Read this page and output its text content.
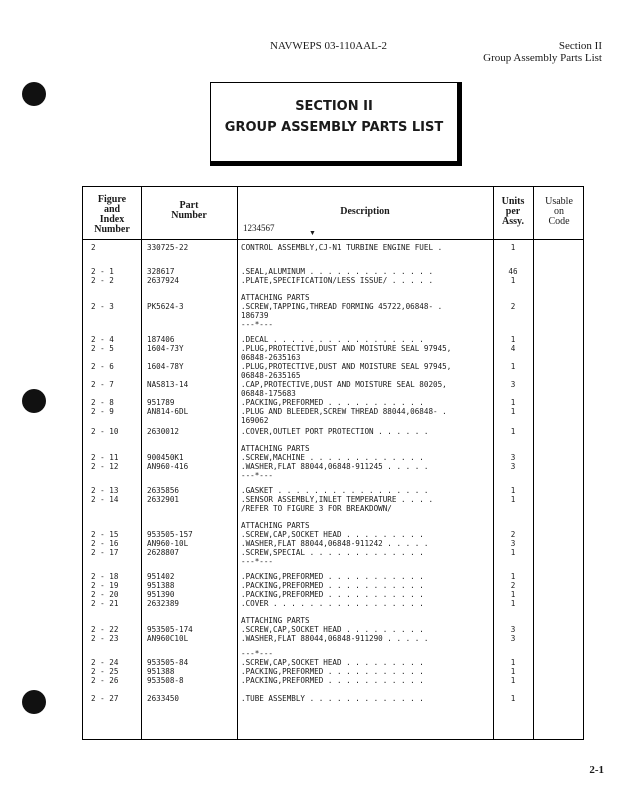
NAVWEPS 03-110AAL-2	Section II
Group Assembly Parts List
SECTION II
GROUP ASSEMBLY PARTS LIST
Figure
and
Index
Number
Part
Number	Description
1234567
▼
Units
per
Assy.
Usable
on
Code
2	330725-22	CONTROL ASSEMBLY,CJ-N1 TURBINE ENGINE FUEL .	1
2 - 1	328617	.SEAL,ALUMINUM . . . . . . . . . . . . . .	46
2 - 2	2637924	.PLATE,SPECIFICATION/LESS ISSUE/ . . . . .	1
ATTACHING PARTS
2 - 3	PK5624-3	.SCREW,TAPPING,THREAD FORMING 45722,06848- .	2
186739
---*---
2 - 4	187406	.DECAL . . . . . . . . . . . . . . . . .	1
2 - 5	1604-73Y	.PLUG,PROTECTIVE,DUST AND MOISTURE SEAL 97945,	4
06848-2635163
2 - 6	1604-78Y	.PLUG,PROTECTIVE,DUST AND MOISTURE SEAL 97945,	1
06848-2635165
2 - 7	NAS813-14	.CAP,PROTECTIVE,DUST AND MOISTURE SEAL 80205,	3
06848-175683
2 - 8	951789	.PACKING,PREFORMED . . . . . . . . . . .	1
2 - 9	AN814-6DL	.PLUG AND BLEEDER,SCREW THREAD 88044,06848- .	1
169062
2 - 10	2630012	.COVER,OUTLET PORT PROTECTION . . . . . .	1
ATTACHING PARTS
2 - 11	900450K1	.SCREW,MACHINE . . . . . . . . . . . . .	3
2 - 12	AN960-416	.WASHER,FLAT 88044,06848-911245 . . . . .	3
---*---
2 - 13	2635856	.GASKET . . . . . . . . . . . . . . . . .	1
2 - 14	2632901	.SENSOR ASSEMBLY,INLET TEMPERATURE . . . .	1
/REFER TO FIGURE 3 FOR BREAKDOWN/
ATTACHING PARTS
2 - 15	953505-157	.SCREW,CAP,SOCKET HEAD . . . . . . . . .	2
2 - 16	AN960-10L	.WASHER,FLAT 88044,06848-911242 . . . . .	3
2 - 17	2628807	.SCREW,SPECIAL . . . . . . . . . . . . .	1
---*---
2 - 18	951402	.PACKING,PREFORMED . . . . . . . . . . .	1
2 - 19	951388	.PACKING,PREFORMED . . . . . . . . . . .	2
2 - 20	951390	.PACKING,PREFORMED . . . . . . . . . . .	1
2 - 21	2632389	.COVER . . . . . . . . . . . . . . . . .	1
ATTACHING PARTS
2 - 22	953505-174	.SCREW,CAP,SOCKET HEAD . . . . . . . . .	3
2 - 23	AN960C10L	.WASHER,FLAT 88044,06848-911290 . . . . .	3
---*---
2 - 24	953505-84	.SCREW,CAP,SOCKET HEAD . . . . . . . . .	1
2 - 25	951388	.PACKING,PREFORMED . . . . . . . . . . .	1
2 - 26	953508-8	.PACKING,PREFORMED . . . . . . . . . . .	1
2 - 27	2633450	.TUBE ASSEMBLY . . . . . . . . . . . . .	1
2-1
